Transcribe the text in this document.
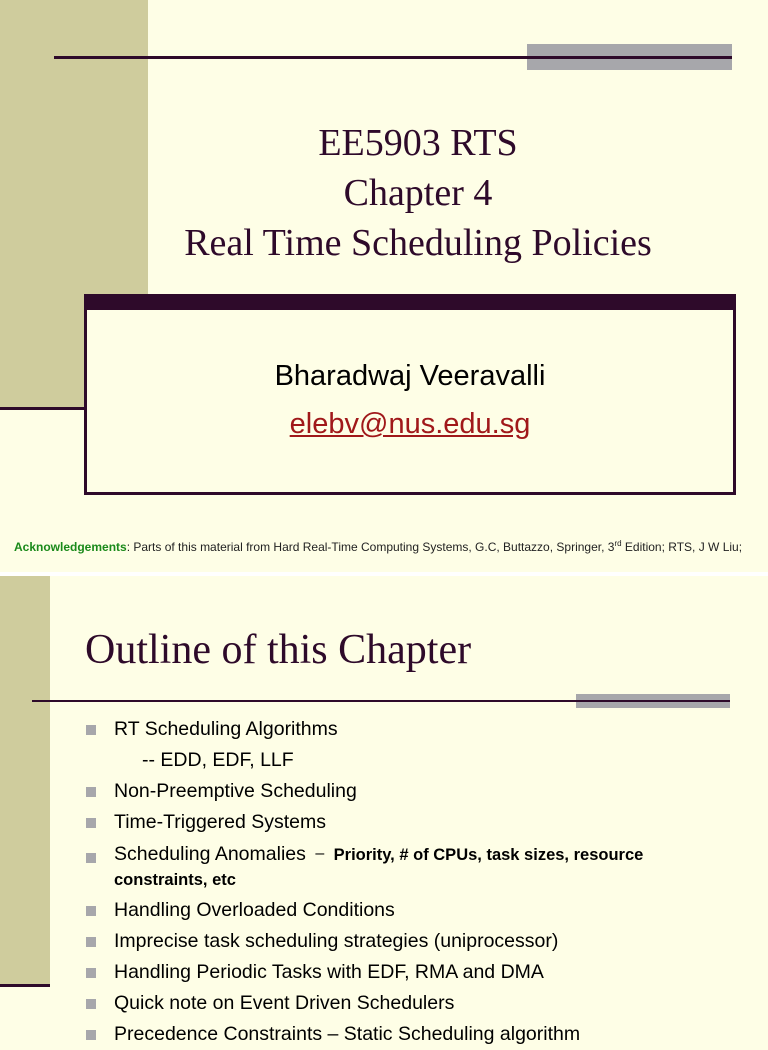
EE5903 RTS
Chapter 4
Real Time Scheduling Policies
Bharadwaj Veeravalli
elebv@nus.edu.sg
Acknowledgements: Parts of this material from Hard Real-Time Computing Systems, G.C, Buttazzo, Springer, 3rd Edition; RTS, J W Liu;
Outline of this Chapter
RT Scheduling Algorithms
-- EDD, EDF, LLF
Non-Preemptive Scheduling
Time-Triggered Systems
Scheduling Anomalies – Priority, # of CPUs, task sizes, resource constraints, etc
Handling Overloaded Conditions
Imprecise task scheduling strategies (uniprocessor)
Handling Periodic Tasks with EDF, RMA and DMA
Quick note on Event Driven Schedulers
Precedence Constraints – Static Scheduling algorithm
